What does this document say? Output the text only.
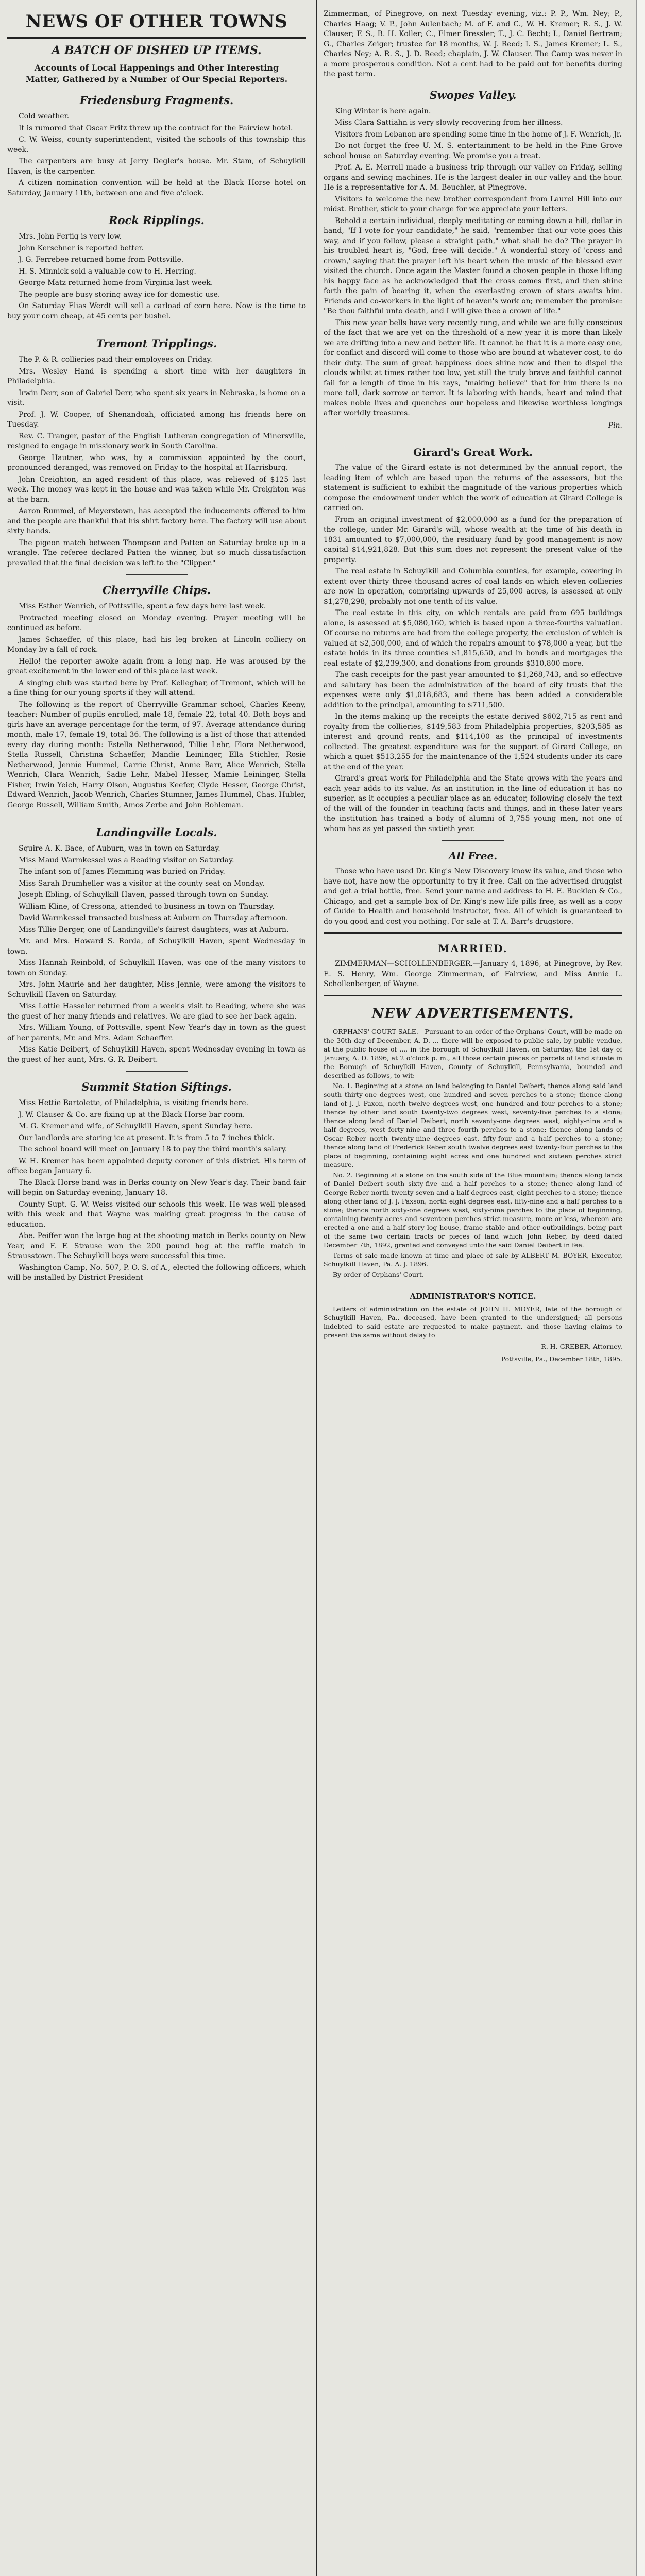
NEWS OF OTHER TOWNS
A BATCH OF DISHED UP ITEMS.
Accounts of Local Happenings and Other Interesting Matter, Gathered by a Number of Our Special Reporters.
Friedensburg Fragments.

Cold weather.

It is rumored that Oscar Fritz threw up the contract for the Fairview hotel.

C. W. Weiss, county superintendent, visited the schools of this township this week.

The carpenters are busy at Jerry Degler's house. Mr. Stam, of Schuylkill Haven, is the carpenter.

A citizen nomination convention will be held at the Black Horse hotel on Saturday, January 11th, between one and five o'clock.

Rock Ripplings.

Mrs. John Fertig is very low.

John Kerschner is reported better.

J. G. Ferrebee returned home from Pottsville.

H. S. Minnick sold a valuable cow to H. Herring.

George Matz returned home from Virginia last week.

The people are busy storing away ice for domestic use.

On Saturday Elias Werdt will sell a carload of corn here. Now is the time to buy your corn cheap, at 45 cents per bushel.

Tremont Tripplings.

The P. & R. collieries paid their employees on Friday.

Mrs. Wesley Hand is spending a short time with her daughters in Philadelphia.

Irwin Derr, son of Gabriel Derr, who spent six years in Nebraska, is home on a visit.

Prof. J. W. Cooper, of Shenandoah, officiated among his friends here on Tuesday.

Rev. C. Tranger, pastor of the English Lutheran congregation of Minersville, resigned to engage in missionary work in South Carolina.

George Hautner, who was, by a commission appointed by the court, pronounced deranged, was removed on Friday to the hospital at Harrisburg.

John Creighton, an aged resident of this place, was relieved of $125 last week. The money was kept in the house and was taken while Mr. Creighton was at the barn.

Aaron Rummel, of Meyerstown, has accepted the inducements offered to him and the people are thankful that his shirt factory here. The factory will use about sixty hands.

The pigeon match between Thompson and Patten on Saturday broke up in a wrangle. The referee declared Patten the winner, but so much dissatisfaction prevailed that the final decision was left to the "Clipper."

Cherryville Chips.

Miss Esther Wenrich, of Pottsville, spent a few days here last week.

Protracted meeting closed on Monday evening. Prayer meeting will be continued as before.

James Schaeffer, of this place, had his leg broken at Lincoln colliery on Monday by a fall of rock.

Hello! the reporter awoke again from a long nap. He was aroused by the great excitement in the lower end of this place last week.

A singing club was started here by Prof. Kelleghar, of Tremont, which will be a fine thing for our young sports if they will attend.

The following is the report of Cherryville Grammar school, Charles Keeny, teacher: Number of pupils enrolled, male 18, female 22, total 40. Both boys and girls have an average percentage for the term, of 97. Average attendance during month, male 17, female 19, total 36. The following is a list of those that attended every day during month: Estella Netherwood, Tillie Lehr, Flora Netherwood, Stella Russell, Christina Schaeffer, Mandie Leininger, Ella Stichler, Rosie Netherwood, Jennie Hummel, Carrie Christ, Annie Barr, Alice Wenrich, Stella Wenrich, Clara Wenrich, Sadie Lehr, Mabel Hesser, Mamie Leininger, Stella Fisher, Irwin Yeich, Harry Olson, Augustus Keefer, Clyde Hesser, George Christ, Edward Wenrich, Jacob Wenrich, Charles Stumner, James Hummel, Chas. Hubler, George Russell, William Smith, Amos Zerbe and John Bohleman.

Landingville Locals.

Squire A. K. Bace, of Auburn, was in town on Saturday.

Miss Maud Warmkessel was a Reading visitor on Saturday.

The infant son of James Flemming was buried on Friday.

Miss Sarah Drumheller was a visitor at the county seat on Monday.

Joseph Ebling, of Schuylkill Haven, passed through town on Sunday.

William Kline, of Cressona, attended to business in town on Thursday.

David Warmkessel transacted business at Auburn on Thursday afternoon.

Miss Tillie Berger, one of Landingville's fairest daughters, was at Auburn.

Mr. and Mrs. Howard S. Rorda, of Schuylkill Haven, spent Wednesday in town.

Miss Hannah Reinbold, of Schuylkill Haven, was one of the many visitors to town on Sunday.

Mrs. John Maurie and her daughter, Miss Jennie, were among the visitors to Schuylkill Haven on Saturday.

Miss Lottie Hasseler returned from a week's visit to Reading, where she was the guest of her many friends and relatives. We are glad to see her back again.

Mrs. William Young, of Pottsville, spent New Year's day in town as the guest of her parents, Mr. and Mrs. Adam Schaeffer.

Miss Katie Deibert, of Schuylkill Haven, spent Wednesday evening in town as the guest of her aunt, Mrs. G. R. Deibert.

Summit Station Siftings.

Miss Hettie Bartolette, of Philadelphia, is visiting friends here.

J. W. Clauser & Co. are fixing up at the Black Horse bar room.

M. G. Kremer and wife, of Schuylkill Haven, spent Sunday here.

Our landlords are storing ice at present. It is from 5 to 7 inches thick.

The school board will meet on January 18 to pay the third month's salary.

W. H. Kremer has been appointed deputy coroner of this district. His term of office began January 6.

The Black Horse band was in Berks county on New Year's day. Their band fair will begin on Saturday evening, January 18.

County Supt. G. W. Weiss visited our schools this week. He was well pleased with this week and that Wayne was making great progress in the cause of education.

Abe. Peiffer won the large hog at the shooting match in Berks county on New Year, and F. F. Strause won the 200 pound hog at the raffle match in Strausstown. The Schuylkill boys were successful this time.

Washington Camp, No. 507, P. O. S. of A., elected the following officers, which will be installed by District President

Zimmerman, of Pinegrove, on next Tuesday evening, viz.: P. P., Wm. Ney; P., Charles Haag; V. P., John Aulenbach; M. of F. and C., W. H. Kremer; R. S., J. W. Clauser; F. S., B. H. Koller; C., Elmer Bressler; T., J. C. Becht; I., Daniel Bertram; G., Charles Zeiger; trustee for 18 months, W. J. Reed; I. S., James Kremer; L. S., Charles Ney; A. R. S., J. D. Reed; chaplain, J. W. Clauser. The Camp was never in a more prosperous condition. Not a cent had to be paid out for benefits during the past term.

Swopes Valley.

King Winter is here again.

Miss Clara Sattiahn is very slowly recovering from her illness.

Visitors from Lebanon are spending some time in the home of J. F. Wenrich, Jr.

Do not forget the free U. M. S. entertainment to be held in the Pine Grove school house on Saturday evening. We promise you a treat.

Prof. A. E. Merrell made a business trip through our valley on Friday, selling organs and sewing machines. He is the largest dealer in our valley and the hour. He is a representative for A. M. Beuchler, at Pinegrove.

Visitors to welcome the new brother correspondent from Laurel Hill into our midst. Brother, stick to your charge for we appreciate your letters.

Behold a certain individual, deeply meditating or coming down a hill, dollar in hand, "If I vote for your candidate," he said, "remember that our vote goes this way, and if you follow, please a straight path," what shall he do? The prayer in his troubled heart is, "God, free will decide." A wonderful story of 'cross and crown,' saying that the prayer left his heart when the music of the blessed ever visited the church. Once again the Master found a chosen people in those lifting his happy face as he acknowledged that the cross comes first, and then shine forth the pain of bearing it, when the everlasting crown of stars awaits him. Friends and co-workers in the light of heaven's work on; remember the promise: "Be thou faithful unto death, and I will give thee a crown of life."

This new year bells have very recently rung, and while we are fully conscious of the fact that we are yet on the threshold of a new year it is more than likely we are drifting into a new and better life. It cannot be that it is a more easy one, for conflict and discord will come to those who are bound at whatever cost, to do their duty. The sum of great happiness does shine now and then to dispel the clouds whilst at times rather too low, yet still the truly brave and faithful cannot fail for a length of time in his rays, "making believe" that for him there is no more toil, dark sorrow or terror. It is laboring with hands, heart and mind that makes noble lives and quenches our hopeless and likewise worthless longings after worldly treasures.

Pin.
Girard's Great Work.

The value of the Girard estate is not determined by the annual report, the leading item of which are based upon the returns of the assessors, but the statement is sufficient to exhibit the magnitude of the various properties which compose the endowment under which the work of education at Girard College is carried on.

From an original investment of $2,000,000 as a fund for the preparation of the college, under Mr. Girard's will, whose wealth at the time of his death in 1831 amounted to $7,000,000, the residuary fund by good management is now capital $14,921,828. But this sum does not represent the present value of the property.

The real estate in Schuylkill and Columbia counties, for example, covering in extent over thirty three thousand acres of coal lands on which eleven collieries are now in operation, comprising upwards of 25,000 acres, is assessed at only $1,278,298, probably not one tenth of its value.

The real estate in this city, on which rentals are paid from 695 buildings alone, is assessed at $5,080,160, which is based upon a three-fourths valuation. Of course no returns are had from the college property, the exclusion of which is valued at $2,500,000, and of which the repairs amount to $78,000 a year, but the estate holds in its three counties $1,815,650, and in bonds and mortgages the real estate of $2,239,300, and donations from grounds $310,800 more.

The cash receipts for the past year amounted to $1,268,743, and so effective and salutary has been the administration of the board of city trusts that the expenses were only $1,018,683, and there has been added a considerable addition to the principal, amounting to $711,500.

In the items making up the receipts the estate derived $602,715 as rent and royalty from the collieries, $149,583 from Philadelphia properties, $203,585 as interest and ground rents, and $114,100 as the principal of investments collected. The greatest expenditure was for the support of Girard College, on which a quiet $513,255 for the maintenance of the 1,524 students under its care at the end of the year.

Girard's great work for Philadelphia and the State grows with the years and each year adds to its value. As an institution in the line of education it has no superior, as it occupies a peculiar place as an educator, following closely the text of the will of the founder in teaching facts and things, and in these later years the institution has trained a body of alumni of 3,755 young men, not one of whom has as yet passed the sixtieth year.

All Free.

Those who have used Dr. King's New Discovery know its value, and those who have not, have now the opportunity to try it free. Call on the advertised druggist and get a trial bottle, free. Send your name and address to H. E. Bucklen & Co., Chicago, and get a sample box of Dr. King's new life pills free, as well as a copy of Guide to Health and household instructor, free. All of which is guaranteed to do you good and cost you nothing. For sale at T. A. Barr's drugstore.

MARRIED.

ZIMMERMAN—SCHOLLENBERGER.—January 4, 1896, at Pinegrove, by Rev. E. S. Henry, Wm. George Zimmerman, of Fairview, and Miss Annie L. Schollenberger, of Wayne.

NEW ADVERTISEMENTS.

ORPHANS' COURT SALE.—Pursuant to an order of the Orphans' Court, will be made on the 30th day of December, A. D. ... there will be exposed to public sale, by public vendue, at the public house of ..., in the borough of Schuylkill Haven, on Saturday, the 1st day of January, A. D. 1896, at 2 o'clock p. m., all those certain pieces or parcels of land situate in the Borough of Schuylkill Haven, County of Schuylkill, Pennsylvania, bounded and described as follows, to wit:

No. 1. Beginning at a stone on land belonging to Daniel Deibert; thence along said land south thirty-one degrees west, one hundred and seven perches to a stone; thence along land of J. J. Paxon, north twelve degrees west, one hundred and four perches to a stone; thence by other land south twenty-two degrees west, seventy-five perches to a stone; thence along land of Daniel Deibert, north seventy-one degrees west, eighty-nine and a half degrees, west forty-nine and three-fourth perches to a stone; thence along lands of Oscar Reber north twenty-nine degrees east, fifty-four and a half perches to a stone; thence along land of Frederick Reber south twelve degrees east twenty-four perches to the place of beginning, containing eight acres and one hundred and sixteen perches strict measure.

No. 2. Beginning at a stone on the south side of the Blue mountain; thence along lands of Daniel Deibert south sixty-five and a half perches to a stone; thence along land of George Reber north twenty-seven and a half degrees east, eight perches to a stone; thence along other land of J. J. Paxson, north eight degrees east, fifty-nine and a half perches to a stone; thence north sixty-one degrees west, sixty-nine perches to the place of beginning, containing twenty acres and seventeen perches strict measure, more or less, whereon are erected a one and a half story log house, frame stable and other outbuildings, being part of the same two certain tracts or pieces of land which John Reber, by deed dated December 7th, 1892, granted and conveyed unto the said Daniel Deibert in fee.

Terms of sale made known at time and place of sale by ALBERT M. BOYER, Executor, Schuylkill Haven, Pa. A. J. 1896.

By order of Orphans' Court.

ADMINISTRATOR'S NOTICE.

Letters of administration on the estate of JOHN H. MOYER, late of the borough of Schuylkill Haven, Pa., deceased, have been granted to the undersigned; all persons indebted to said estate are requested to make payment, and those having claims to present the same without delay to

R. H. GREBER, Attorney.
Pottsville, Pa., December 18th, 1895.
